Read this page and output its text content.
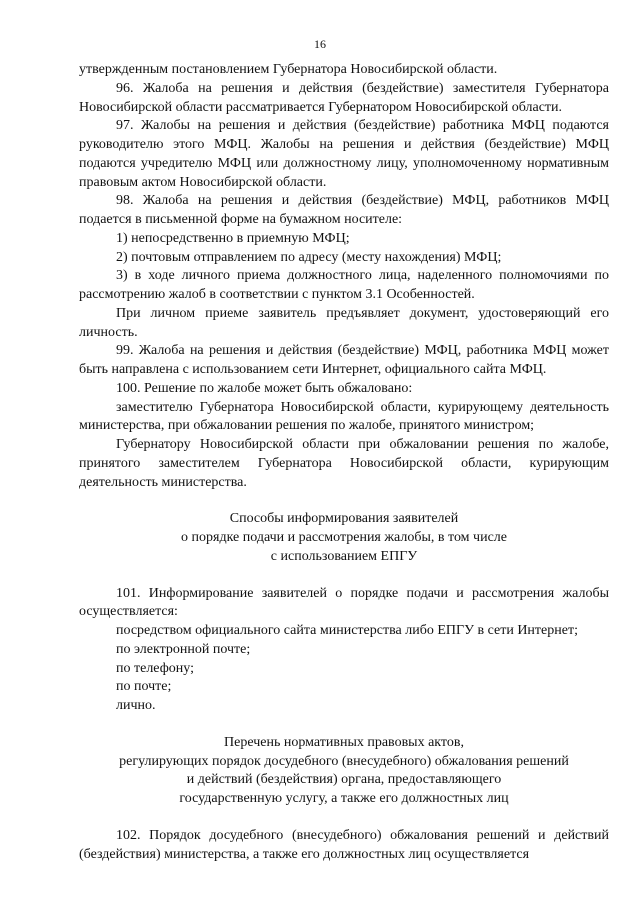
16

утвержденным постановлением Губернатора Новосибирской области.

96. Жалоба на решения и действия (бездействие) заместителя Губернатора Новосибирской области рассматривается Губернатором Новосибирской области.

97. Жалобы на решения и действия (бездействие) работника МФЦ подаются руководителю этого МФЦ. Жалобы на решения и действия (бездействие) МФЦ подаются учредителю МФЦ или должностному лицу, уполномоченному нормативным правовым актом Новосибирской области.

98. Жалоба на решения и действия (бездействие) МФЦ, работников МФЦ подается в письменной форме на бумажном носителе:

1) непосредственно в приемную МФЦ;

2) почтовым отправлением по адресу (месту нахождения) МФЦ;

3) в ходе личного приема должностного лица, наделенного полномочиями по рассмотрению жалоб в соответствии с пунктом 3.1 Особенностей.

При личном приеме заявитель предъявляет документ, удостоверяющий его личность.

99. Жалоба на решения и действия (бездействие) МФЦ, работника МФЦ может быть направлена с использованием сети Интернет, официального сайта МФЦ.

100. Решение по жалобе может быть обжаловано:

заместителю Губернатора Новосибирской области, курирующему деятельность министерства, при обжаловании решения по жалобе, принятого министром;

Губернатору Новосибирской области при обжаловании решения по жалобе, принятого заместителем Губернатора Новосибирской области, курирующим деятельность министерства.

Способы информирования заявителей

о порядке подачи и рассмотрения жалобы, в том числе

с использованием ЕПГУ

101. Информирование заявителей о порядке подачи и рассмотрения жалобы осуществляется:

посредством официального сайта министерства либо ЕПГУ в сети Интернет;

по электронной почте;

по телефону;

по почте;

лично.

Перечень нормативных правовых актов,

регулирующих порядок досудебного (внесудебного) обжалования решений

и действий (бездействия) органа, предоставляющего

государственную услугу, а также его должностных лиц

102. Порядок досудебного (внесудебного) обжалования решений и действий (бездействия) министерства, а также его должностных лиц осуществляется
